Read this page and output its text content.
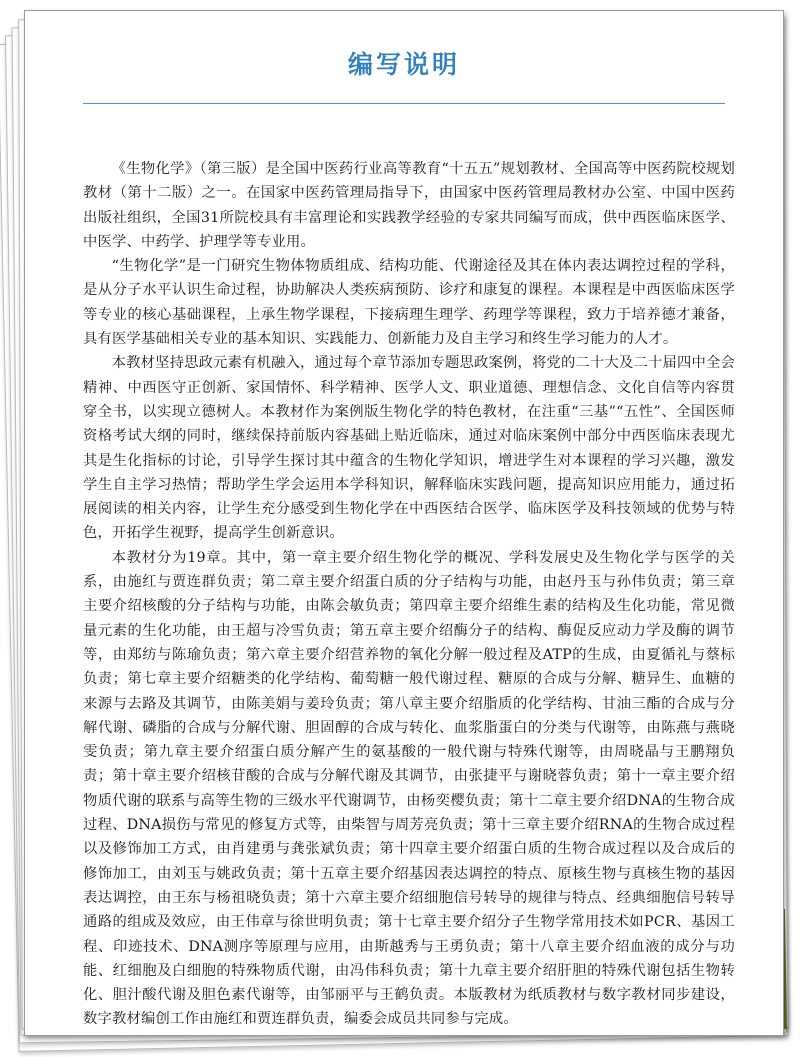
编写说明

《生物化学》（第三版）是全国中医药行业高等教育“十五五”规划教材、全国高等中医药院校规划教材（第十二版）之一。在国家中医药管理局指导下，由国家中医药管理局教材办公室、中国中医药出版社组织，全国31所院校具有丰富理论和实践教学经验的专家共同编写而成，供中西医临床医学、中医学、中药学、护理学等专业用。

“生物化学”是一门研究生物体物质组成、结构功能、代谢途径及其在体内表达调控过程的学科，是从分子水平认识生命过程，协助解决人类疾病预防、诊疗和康复的课程。本课程是中西医临床医学等专业的核心基础课程，上承生物学课程，下接病理生理学、药理学等课程，致力于培养德才兼备，具有医学基础相关专业的基本知识、实践能力、创新能力及自主学习和终生学习能力的人才。

本教材坚持思政元素有机融入，通过每个章节添加专题思政案例，将党的二十大及二十届四中全会精神、中西医守正创新、家国情怀、科学精神、医学人文、职业道德、理想信念、文化自信等内容贯穿全书，以实现立德树人。本教材作为案例版生物化学的特色教材，在注重“三基”“五性”、全国医师资格考试大纲的同时，继续保持前版内容基础上贴近临床，通过对临床案例中部分中西医临床表现尤其是生化指标的讨论，引导学生探讨其中蕴含的生物化学知识，增进学生对本课程的学习兴趣，激发学生自主学习热情；帮助学生学会运用本学科知识，解释临床实践问题，提高知识应用能力，通过拓展阅读的相关内容，让学生充分感受到生物化学在中西医结合医学、临床医学及科技领域的优势与特色，开拓学生视野，提高学生创新意识。

本教材分为19章。其中，第一章主要介绍生物化学的概况、学科发展史及生物化学与医学的关系，由施红与贾连群负责；第二章主要介绍蛋白质的分子结构与功能，由赵丹玉与孙伟负责；第三章主要介绍核酸的分子结构与功能，由陈会敏负责；第四章主要介绍维生素的结构及生化功能，常见微量元素的生化功能，由王超与冷雪负责；第五章主要介绍酶分子的结构、酶促反应动力学及酶的调节等，由郑纺与陈瑜负责；第六章主要介绍营养物的氧化分解一般过程及ATP的生成，由夏循礼与蔡标负责；第七章主要介绍糖类的化学结构、葡萄糖一般代谢过程、糖原的合成与分解、糖异生、血糖的来源与去路及其调节，由陈美娟与姜玲负责；第八章主要介绍脂质的化学结构、甘油三酯的合成与分解代谢、磷脂的合成与分解代谢、胆固醇的合成与转化、血浆脂蛋白的分类与代谢等，由陈燕与燕晓雯负责；第九章主要介绍蛋白质分解产生的氨基酸的一般代谢与特殊代谢等，由周晓晶与王鹏翔负责；第十章主要介绍核苷酸的合成与分解代谢及其调节，由张捷平与谢晓蓉负责；第十一章主要介绍物质代谢的联系与高等生物的三级水平代谢调节，由杨奕樱负责；第十二章主要介绍DNA的生物合成过程、DNA损伤与常见的修复方式等，由柴智与周芳亮负责；第十三章主要介绍RNA的生物合成过程以及修饰加工方式，由肖建勇与龚张斌负责；第十四章主要介绍蛋白质的生物合成过程以及合成后的修饰加工，由刘玉与姚政负责；第十五章主要介绍基因表达调控的特点、原核生物与真核生物的基因表达调控，由王东与杨祖晓负责；第十六章主要介绍细胞信号转导的规律与特点、经典细胞信号转导通路的组成及效应，由王伟章与徐世明负责；第十七章主要介绍分子生物学常用技术如PCR、基因工程、印迹技术、DNA测序等原理与应用，由斯越秀与王勇负责；第十八章主要介绍血液的成分与功能、红细胞及白细胞的特殊物质代谢，由冯伟科负责；第十九章主要介绍肝胆的特殊代谢包括生物转化、胆汁酸代谢及胆色素代谢等，由邹丽平与王鹤负责。本版教材为纸质教材与数字教材同步建设，数字教材编创工作由施红和贾连群负责，编委会成员共同参与完成。
